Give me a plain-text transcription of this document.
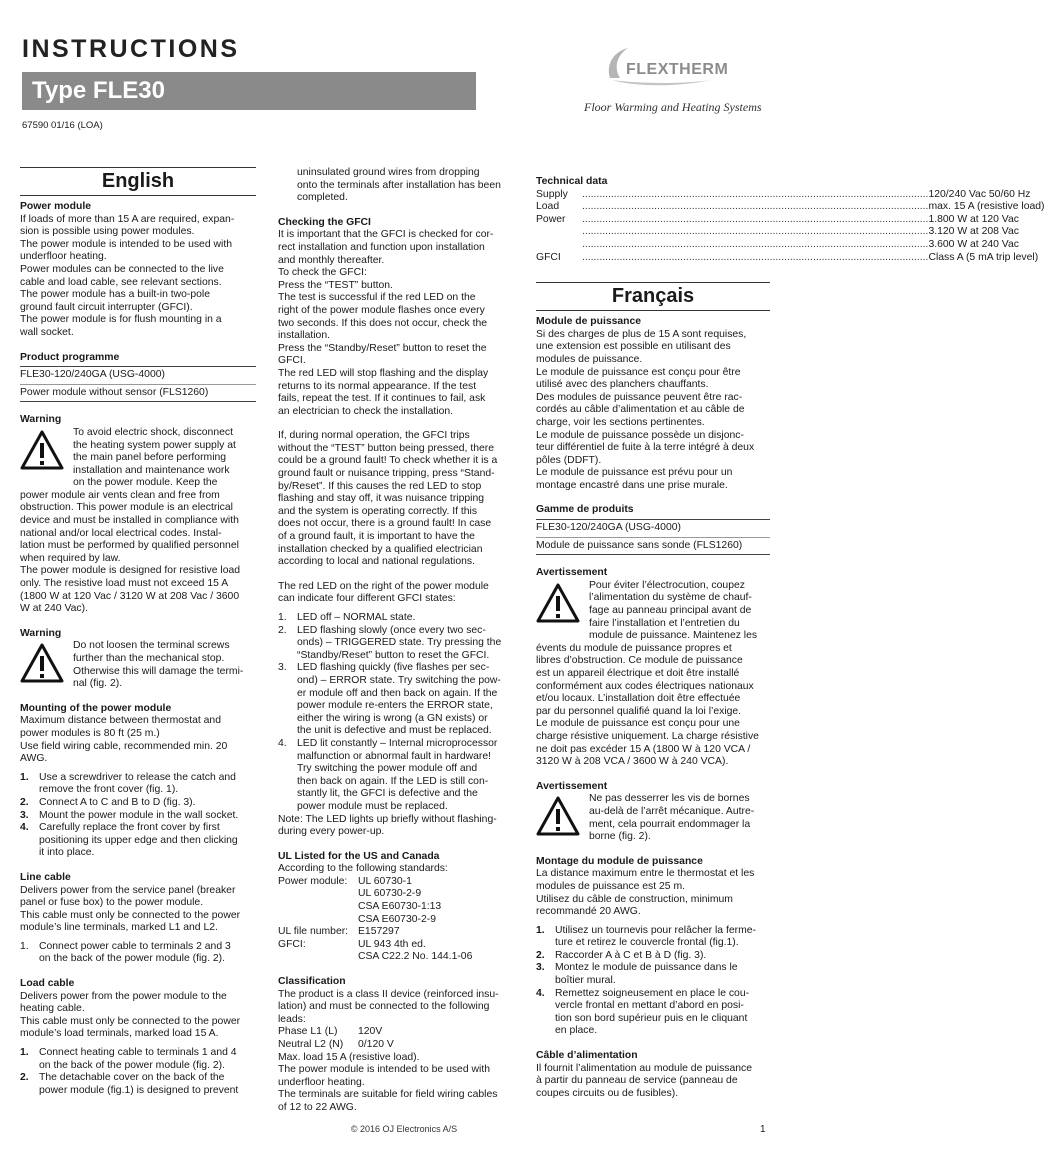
INSTRUCTIONS
Type FLE30
67590 01/16 (LOA)
FLEXTHERM
Floor Warming and Heating Systems
English
Power module
If loads of more than 15 A are required, expan-
sion is possible using power modules.
The power module is intended to be used with
underfloor heating.
Power modules can be connected to the live
cable and load cable, see relevant sections.
The power module has a built-in two-pole
ground fault circuit interrupter (GFCI).
The power module is for flush mounting in a
wall socket.
Product programme
FLE30-120/240GA (USG-4000)
Power module without sensor (FLS1260)
Warning
To avoid electric shock, disconnect
the heating system power supply at
the main panel before performing
installation and maintenance work
on the power module. Keep the
power module air vents clean and free from
obstruction. This power module is an electrical
device and must be installed in compliance with
national and/or local electrical codes. Instal-
lation must be performed by qualified personnel
when required by law.
The power module is designed for resistive load
only. The resistive load must not exceed 15 A
(1800 W at 120 Vac / 3120 W at 208 Vac / 3600
W at 240 Vac).
Warning
Do not loosen the terminal screws
further than the mechanical stop.
Otherwise this will damage the termi-
nal (fig. 2).
Mounting of the power module
Maximum distance between thermostat and
power modules is 80 ft (25 m.)
Use field wiring cable, recommended min. 20
AWG.
1. Use a screwdriver to release the catch and
remove the front cover (fig. 1).
2. Connect A to C and B to D (fig. 3).
3. Mount the power module in the wall socket.
4. Carefully replace the front cover by first
positioning its upper edge and then clicking
it into place.
Line cable
Delivers power from the service panel (breaker
panel or fuse box) to the power module.
This cable must only be connected to the power
module’s line terminals, marked L1 and L2.
1. Connect power cable to terminals 2 and 3
on the back of the power module (fig. 2).
Load cable
Delivers power from the power module to the
heating cable.
This cable must only be connected to the power
module’s load terminals, marked load 15 A.
1. Connect heating cable to terminals 1 and 4
on the back of the power module (fig. 2).
2. The detachable cover on the back of the
power module (fig.1) is designed to prevent
uninsulated ground wires from dropping
onto the terminals after installation has been
completed.
Checking the GFCI
It is important that the GFCI is checked for cor-
rect installation and function upon installation
and monthly thereafter.
To check the GFCI:
Press the “TEST” button.
The test is successful if the red LED on the
right of the power module flashes once every
two seconds. If this does not occur, check the
installation.
Press the “Standby/Reset” button to reset the
GFCI.
The red LED will stop flashing and the display
returns to its normal appearance. If the test
fails, repeat the test. If it continues to fail, ask
an electrician to check the installation.
If, during normal operation, the GFCI trips
without the “TEST” button being pressed, there
could be a ground fault! To check whether it is a
ground fault or nuisance tripping, press “Stand-
by/Reset”. If this causes the red LED to stop
flashing and stay off, it was nuisance tripping
and the system is operating correctly. If this
does not occur, there is a ground fault! In case
of a ground fault, it is important to have the
installation checked by a qualified electrician
according to local and national regulations.
The red LED on the right of the power module
can indicate four different GFCI states:
1. LED off – NORMAL state.
2. LED flashing slowly (once every two sec-
onds) – TRIGGERED state. Try pressing the
“Standby/Reset” button to reset the GFCI.
3. LED flashing quickly (five flashes per sec-
ond) – ERROR state. Try switching the pow-
er module off and then back on again. If the
power module re-enters the ERROR state,
either the wiring is wrong (a GN exists) or
the unit is defective and must be replaced.
4. LED lit constantly – Internal microprocessor
malfunction or abnormal fault in hardware!
Try switching the power module off and
then back on again. If the LED is still con-
stantly lit, the GFCI is defective and the
power module must be replaced.
Note: The LED lights up briefly without flashing-
during every power-up.
UL Listed for the US and Canada
According to the following standards:
Power module:	UL 60730-1
UL 60730-2-9
CSA E60730-1:13
CSA E60730-2-9
UL file number: E157297
GFCI:	UL 943 4th ed.
CSA C22.2 No. 144.1-06
Classification
The product is a class II device (reinforced insu-
lation) and must be connected to the following
leads:
Phase L1 (L)	120V
Neutral L2 (N)	0/120 V
Max. load 15 A (resistive load).
The power module is intended to be used with
underfloor heating.
The terminals are suitable for field wiring cables
of 12 to 22 AWG.
Technical data
Supply	........................................................................................................................ 120/240 Vac 50/60 Hz
Load	........................................................................................................................ max. 15 A (resistive load)
Power	........................................................................................................................ 1.800 W at 120 Vac
........................................................................................................................ 3.120 W at 208 Vac
........................................................................................................................ 3.600 W at 240 Vac
GFCI	........................................................................................................................ Class A (5 mA trip level)
Français
Module de puissance
Si des charges de plus de 15 A sont requises,
une extension est possible en utilisant des
modules de puissance.
Le module de puissance est conçu pour être
utilisé avec des planchers chauffants.
Des modules de puissance peuvent être rac-
cordés au câble d’alimentation et au câble de
charge, voir les sections pertinentes.
Le module de puissance possède un disjonc-
teur différentiel de fuite à la terre intégré à deux
pôles (DDFT).
Le module de puissance est prévu pour un
montage encastré dans une prise murale.
Gamme de produits
FLE30-120/240GA (USG-4000)
Module de puissance sans sonde (FLS1260)
Avertissement
Pour éviter l’électrocution, coupez
l’alimentation du système de chauf-
fage au panneau principal avant de
faire l’installation et l’entretien du
module de puissance. Maintenez les
évents du module de puissance propres et
libres d’obstruction. Ce module de puissance
est un appareil électrique et doit être installé
conformément aux codes électriques nationaux
et/ou locaux. L’installation doit être effectuée
par du personnel qualifié quand la loi l’exige.
Le module de puissance est conçu pour une
charge résistive uniquement. La charge résistive
ne doit pas excéder 15 A (1800 W à 120 VCA /
3120 W à 208 VCA / 3600 W à 240 VCA).
Avertissement
Ne pas desserrer les vis de bornes
au-delà de l’arrêt mécanique. Autre-
ment, cela pourrait endommager la
borne (fig. 2).
Montage du module de puissance
La distance maximum entre le thermostat et les
modules de puissance est 25 m.
Utilisez du câble de construction, minimum
recommandé 20 AWG.
1. Utilisez un tournevis pour relâcher la ferme-
ture et retirez le couvercle frontal (fig.1).
2. Raccorder A à C et B à D (fig. 3).
3. Montez le module de puissance dans le
boîtier mural.
4. Remettez soigneusement en place le cou-
vercle frontal en mettant d’abord en posi-
tion son bord supérieur puis en le cliquant
en place.
Câble d’alimentation
Il fournit l’alimentation au module de puissance
à partir du panneau de service (panneau de
coupes circuits ou de fusibles).
© 2016 OJ Electronics A/S	1
